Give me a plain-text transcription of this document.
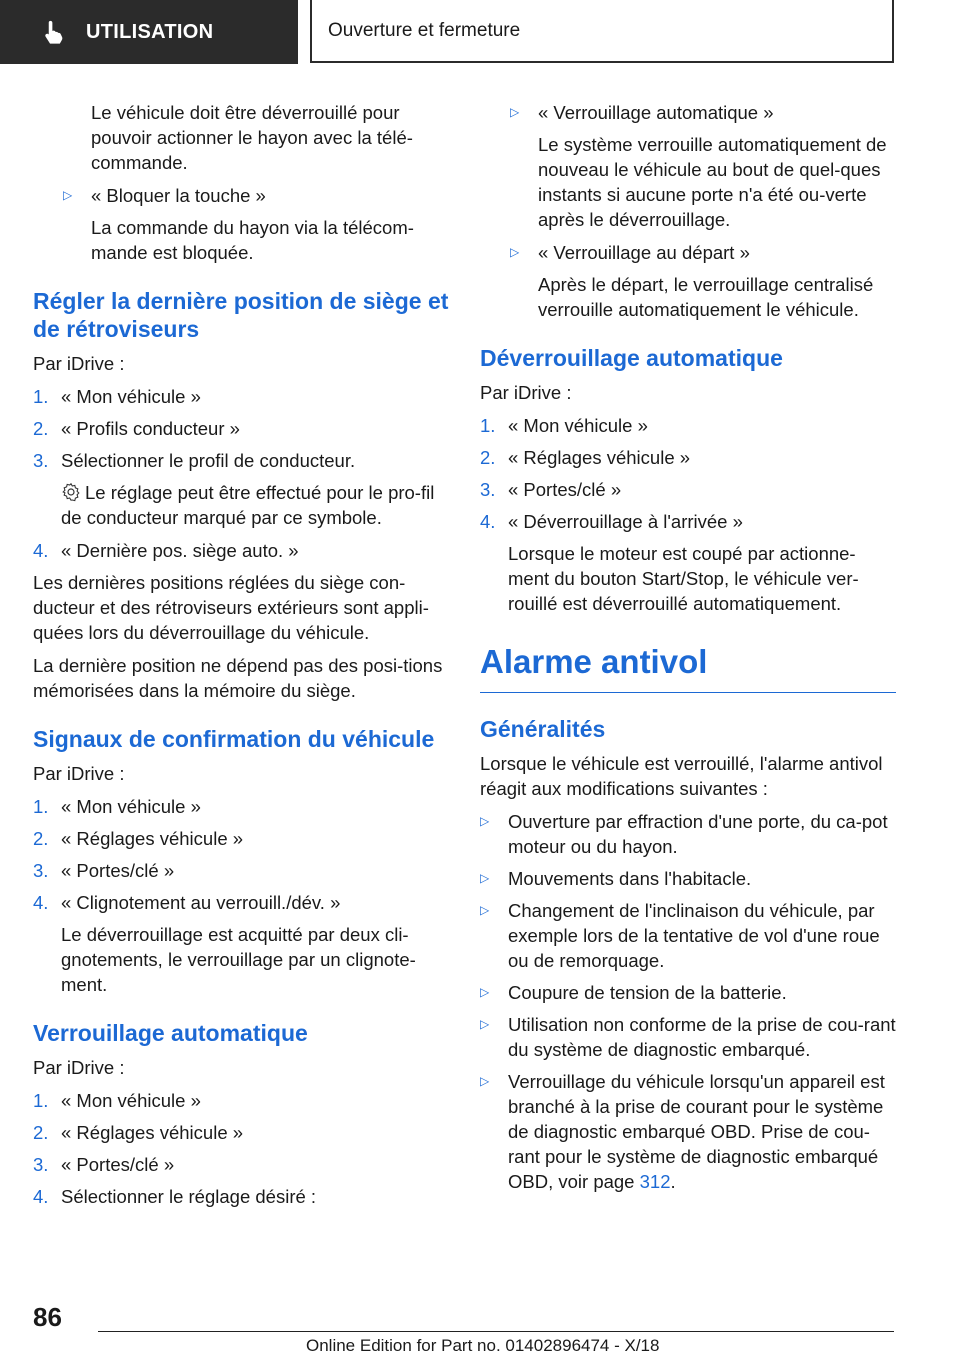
UTILISATION	Ouverture et fermeture

Le véhicule doit être déverrouillé pour pouvoir actionner le hayon avec la télé-commande.

▷	« Bloquer la touche »

La commande du hayon via la télécom-mande est bloquée.

Régler la dernière position de siège et de rétroviseurs

Par iDrive :

1. « Mon véhicule »
2. « Profils conducteur »
3. Sélectionner le profil de conducteur.

Le réglage peut être effectué pour le pro-fil de conducteur marqué par ce symbole.

4. « Dernière pos. siège auto. »

Les dernières positions réglées du siège con-ducteur et des rétroviseurs extérieurs sont appli-quées lors du déverrouillage du véhicule.

La dernière position ne dépend pas des posi-tions mémorisées dans la mémoire du siège.

Signaux de confirmation du véhicule

Par iDrive :

1. « Mon véhicule »
2. « Réglages véhicule »
3. « Portes/clé »
4. « Clignotement au verrouill./dév. »

Le déverrouillage est acquitté par deux cli-gnotements, le verrouillage par un clignote-ment.

Verrouillage automatique

Par iDrive :

1. « Mon véhicule »
2. « Réglages véhicule »
3. « Portes/clé »
4. Sélectionner le réglage désiré :
▷	« Verrouillage automatique »

Le système verrouille automatiquement de nouveau le véhicule au bout de quel-ques instants si aucune porte n'a été ou-verte après le déverrouillage.

▷	« Verrouillage au départ »

Après le départ, le verrouillage centralisé verrouille automatiquement le véhicule.

Déverrouillage automatique

Par iDrive :

1. « Mon véhicule »
2. « Réglages véhicule »
3. « Portes/clé »
4. « Déverrouillage à l'arrivée »

Lorsque le moteur est coupé par actionne-ment du bouton Start/Stop, le véhicule ver-rouillé est déverrouillé automatiquement.

Alarme antivol
Généralités

Lorsque le véhicule est verrouillé, l'alarme antivol réagit aux modifications suivantes :

▷	Ouverture par effraction d'une porte, du ca-pot moteur ou du hayon.
▷	Mouvements dans l'habitacle.
▷	Changement de l'inclinaison du véhicule, par exemple lors de la tentative de vol d'une roue ou de remorquage.
▷	Coupure de tension de la batterie.
▷	Utilisation non conforme de la prise de cou-rant du système de diagnostic embarqué.
▷	Verrouillage du véhicule lorsqu'un appareil est branché à la prise de courant pour le système de diagnostic embarqué OBD. Prise de cou-rant pour le système de diagnostic embarqué OBD, voir page 312.
86
Online Edition for Part no. 01402896474 - X/18
